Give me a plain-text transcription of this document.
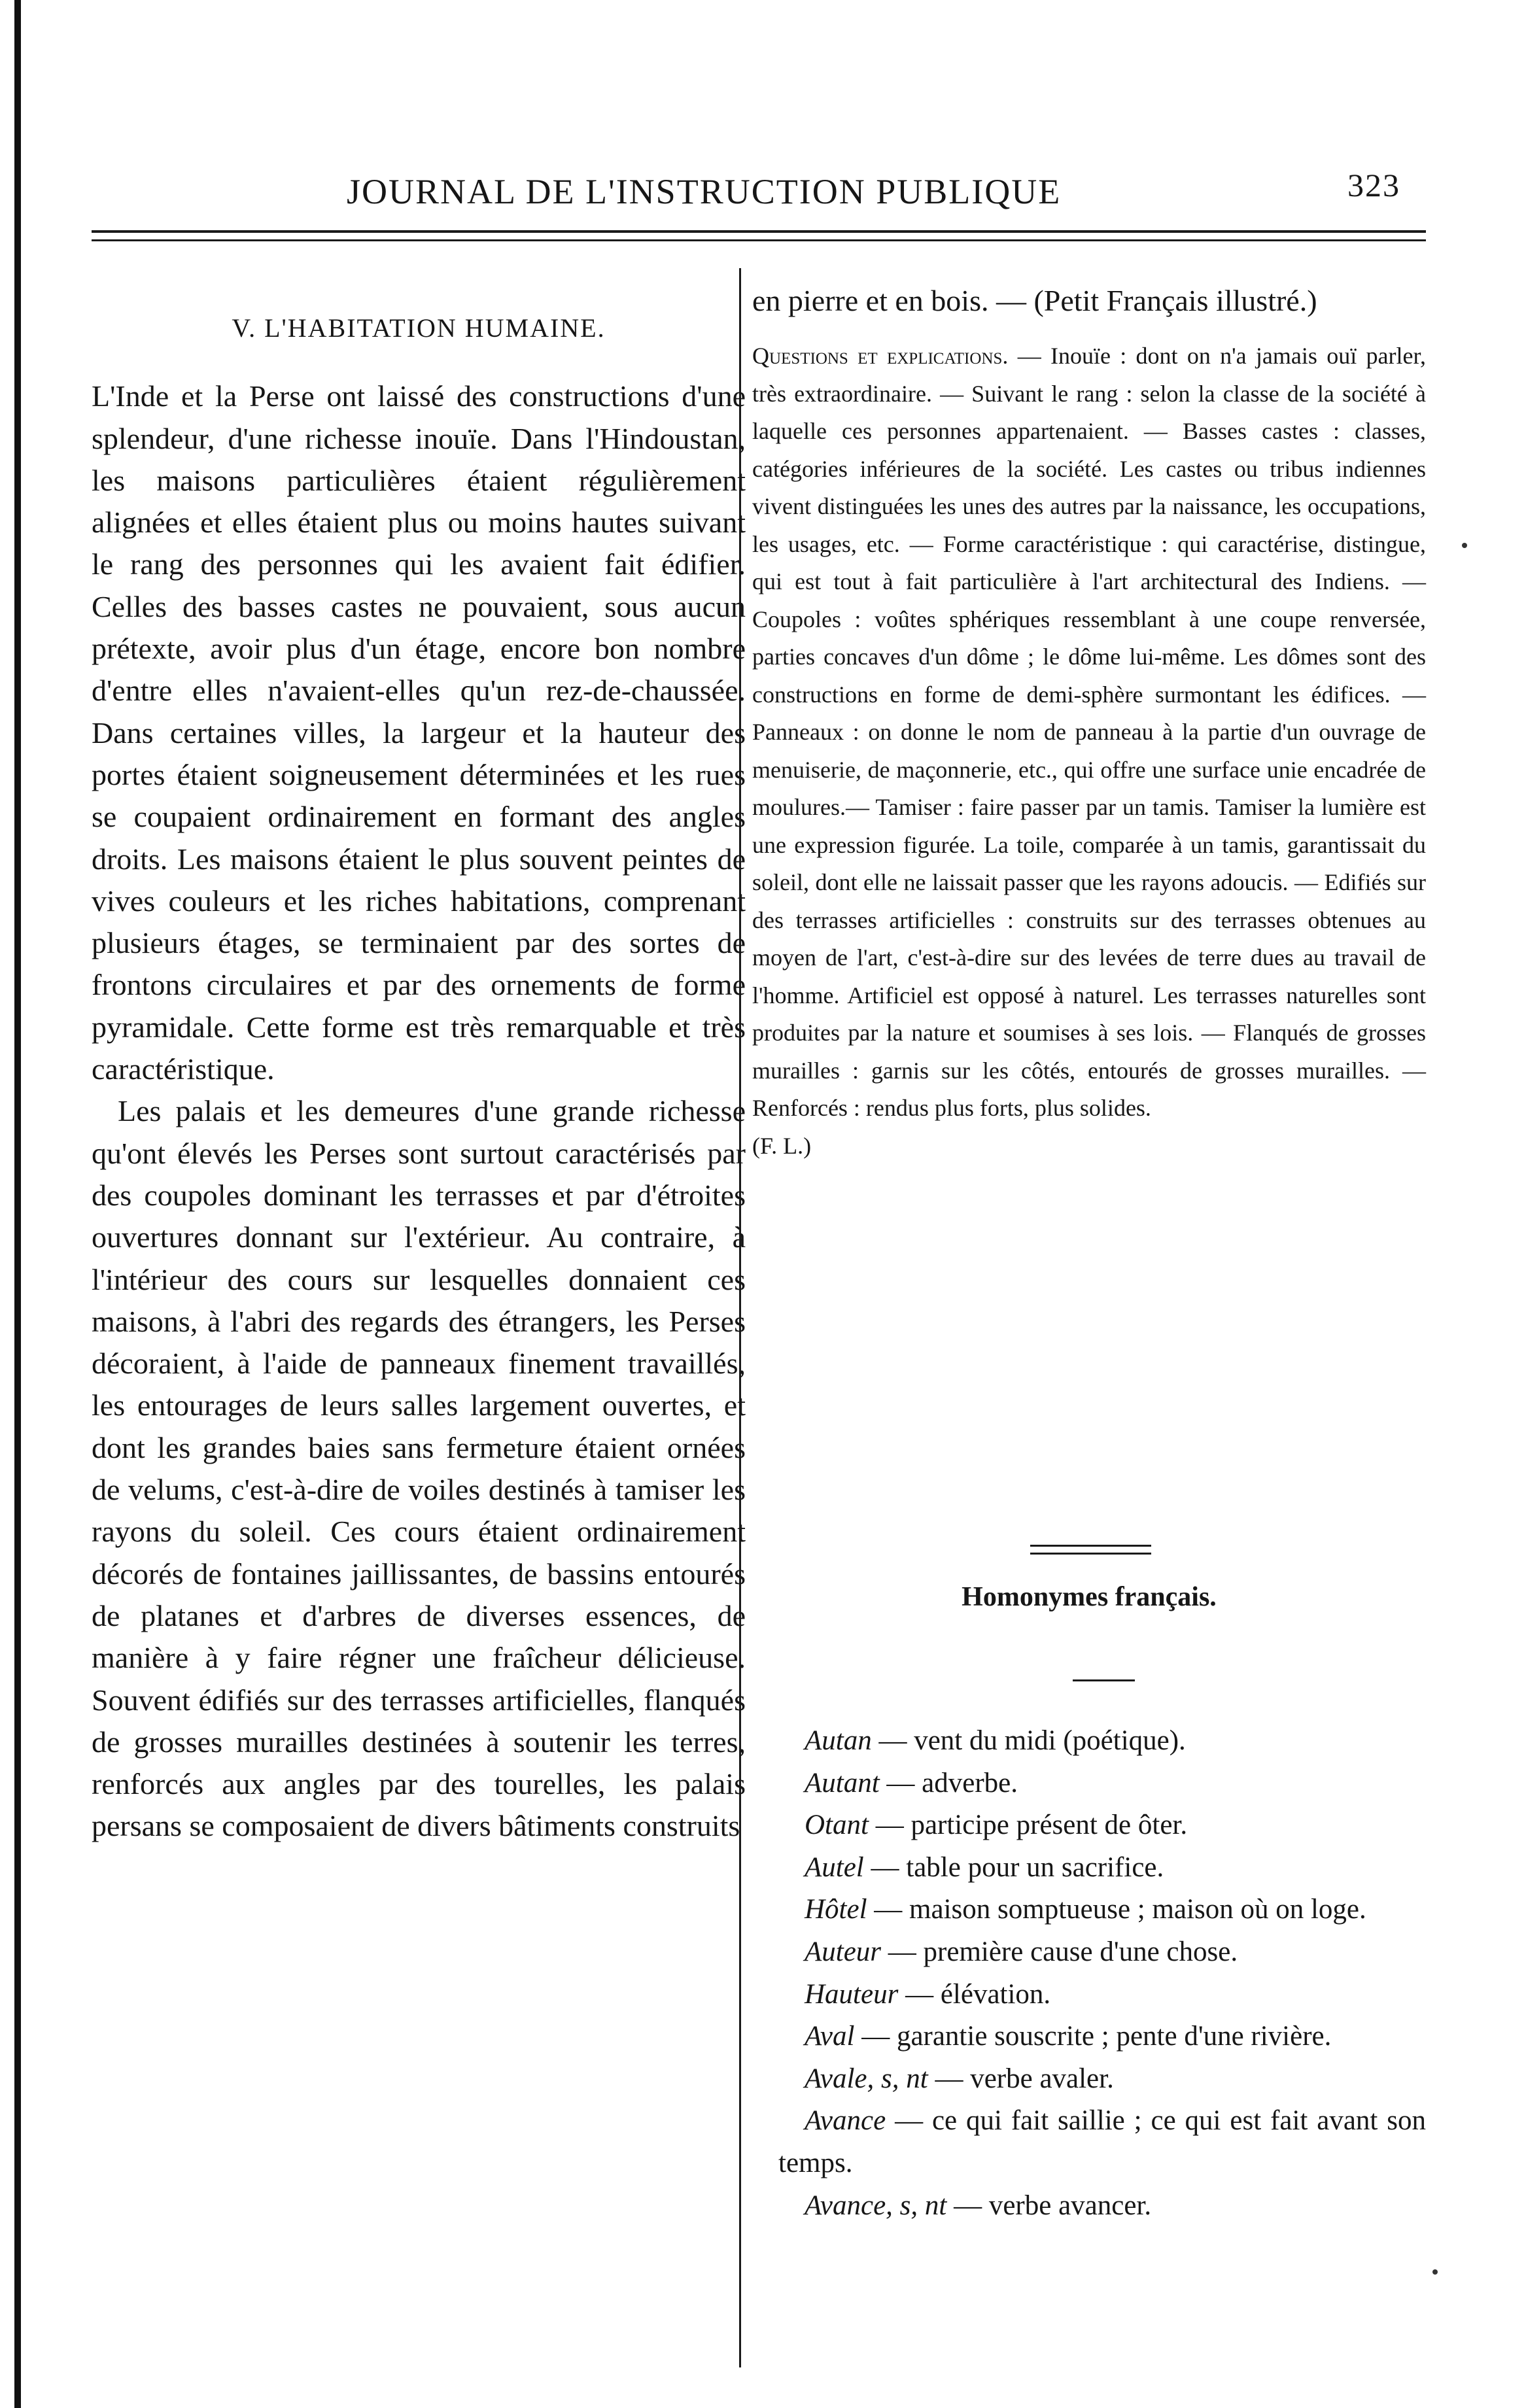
JOURNAL DE L'INSTRUCTION PUBLIQUE	323

V. L'HABITATION HUMAINE.

L'Inde et la Perse ont laissé des constructions d'une splendeur, d'une richesse inouïe. Dans l'Hindoustan, les maisons particulières étaient régulièrement alignées et elles étaient plus ou moins hautes suivant le rang des personnes qui les avaient fait édifier. Celles des basses castes ne pouvaient, sous aucun prétexte, avoir plus d'un étage, encore bon nombre d'entre elles n'avaient-elles qu'un rez-de-chaussée. Dans certaines villes, la largeur et la hauteur des portes étaient soigneusement déterminées et les rues se coupaient ordinairement en formant des angles droits. Les maisons étaient le plus souvent peintes de vives couleurs et les riches habitations, comprenant plusieurs étages, se terminaient par des sortes de frontons circulaires et par des ornements de forme pyramidale. Cette forme est très remarquable et très caractéristique.

Les palais et les demeures d'une grande richesse qu'ont élevés les Perses sont surtout caractérisés par des coupoles dominant les terrasses et par d'étroites ouvertures donnant sur l'extérieur. Au contraire, à l'intérieur des cours sur lesquelles donnaient ces maisons, à l'abri des regards des étrangers, les Perses décoraient, à l'aide de panneaux finement travaillés, les entourages de leurs salles largement ouvertes, et dont les grandes baies sans fermeture étaient ornées de velums, c'est-à-dire de voiles destinés à tamiser les rayons du soleil. Ces cours étaient ordinairement décorés de fontaines jaillissantes, de bassins entourés de platanes et d'arbres de diverses essences, de manière à y faire régner une fraîcheur délicieuse. Souvent édifiés sur des terrasses artificielles, flanqués de grosses murailles destinées à soutenir les terres, renforcés aux angles par des tourelles, les palais persans se composaient de divers bâtiments construits

en pierre et en bois. — (Petit Français illustré.)

Questions et explications. — Inouïe : dont on n'a jamais ouï parler, très extraordinaire. — Suivant le rang : selon la classe de la société à laquelle ces personnes appartenaient. — Basses castes : classes, catégories inférieures de la société. Les castes ou tribus indiennes vivent distinguées les unes des autres par la naissance, les occupations, les usages, etc. — Forme caractéristique : qui caractérise, distingue, qui est tout à fait particulière à l'art architectural des Indiens. — Coupoles : voûtes sphériques ressemblant à une coupe renversée, parties concaves d'un dôme ; le dôme lui-même. Les dômes sont des constructions en forme de demi-sphère surmontant les édifices. — Panneaux : on donne le nom de panneau à la partie d'un ouvrage de menuiserie, de maçonnerie, etc., qui offre une surface unie encadrée de moulures.— Tamiser : faire passer par un tamis. Tamiser la lumière est une expression figurée. La toile, comparée à un tamis, garantissait du soleil, dont elle ne laissait passer que les rayons adoucis. — Edifiés sur des terrasses artificielles : construits sur des terrasses obtenues au moyen de l'art, c'est-à-dire sur des levées de terre dues au travail de l'homme. Artificiel est opposé à naturel. Les terrasses naturelles sont produites par la nature et soumises à ses lois. — Flanqués de grosses murailles : garnis sur les côtés, entourés de grosses murailles. — Renforcés : rendus plus forts, plus solides.

(F. L.)

Homonymes français.

Autan — vent du midi (poétique).

Autant — adverbe.

Otant — participe présent de ôter.

Autel — table pour un sacrifice.

Hôtel — maison somptueuse ; maison où on loge.

Auteur — première cause d'une chose.

Hauteur — élévation.

Aval — garantie souscrite ; pente d'une rivière.

Avale, s, nt — verbe avaler.

Avance — ce qui fait saillie ; ce qui est fait avant son temps.

Avance, s, nt — verbe avancer.
